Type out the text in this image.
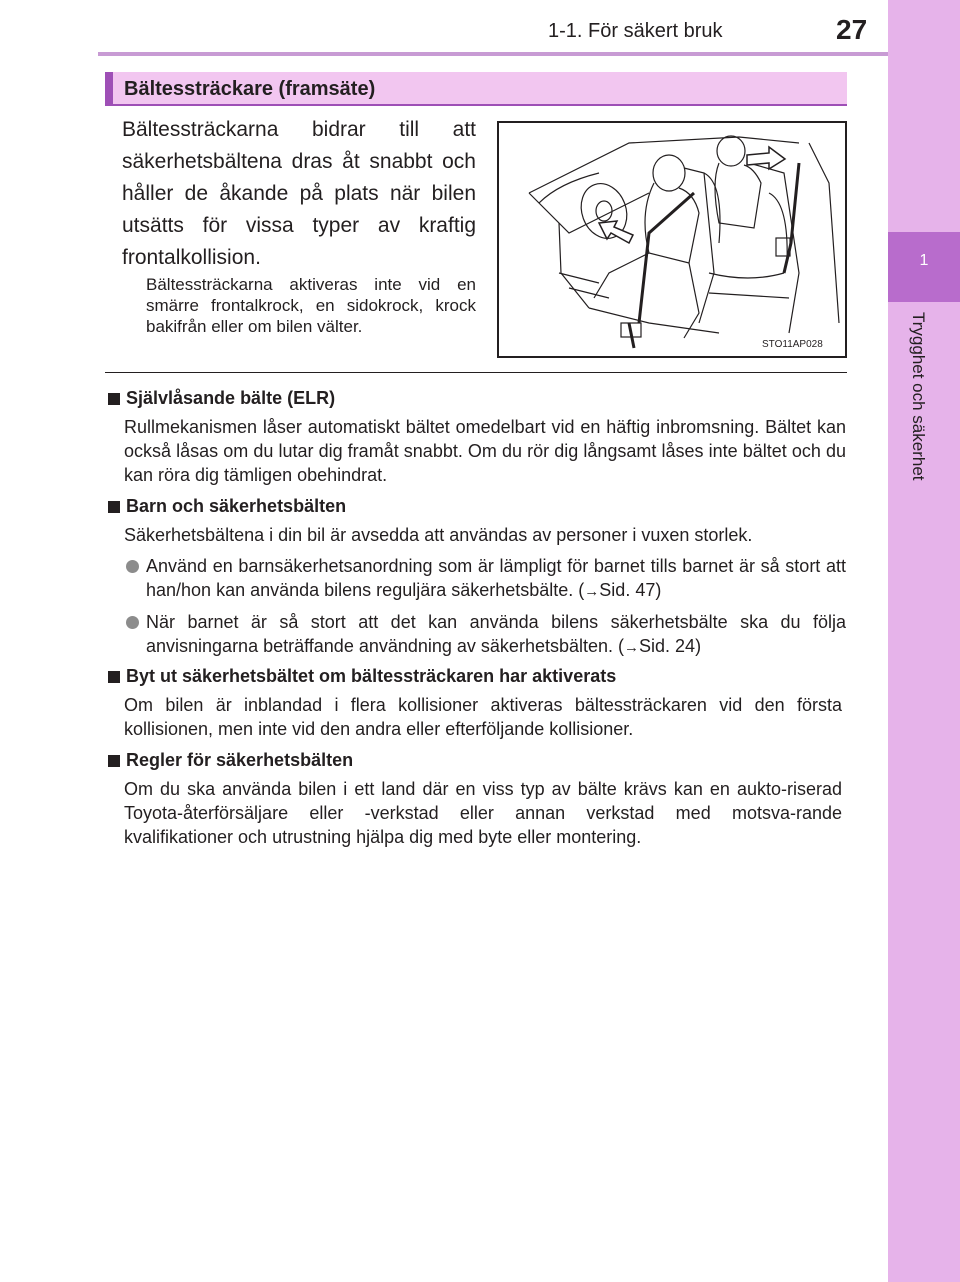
1-1. För säkert bruk	27
1
Trygghet och säkerhet
Bältessträckare (framsäte)
Bältessträckarna bidrar till att säkerhetsbältena dras åt snabbt och håller de åkande på plats när bilen utsätts för vissa typer av kraftig frontalkollision.
Bältessträckarna aktiveras inte vid en smärre frontalkrock, en sidokrock, krock bakifrån eller om bilen välter.
STO11AP028
Självlåsande bälte (ELR)
Rullmekanismen låser automatiskt bältet omedelbart vid en häftig inbromsning. Bältet kan också låsas om du lutar dig framåt snabbt. Om du rör dig långsamt låses inte bältet och du kan röra dig tämligen obehindrat.
Barn och säkerhetsbälten
Säkerhetsbältena i din bil är avsedda att användas av personer i vuxen storlek.
Använd en barnsäkerhetsanordning som är lämpligt för barnet tills barnet är så stort att han/hon kan använda bilens reguljära säkerhetsbälte. (→Sid. 47)
När barnet är så stort att det kan använda bilens säkerhetsbälte ska du följa anvisningarna beträffande användning av säkerhetsbälten. (→Sid. 24)
Byt ut säkerhetsbältet om bältessträckaren har aktiverats
Om bilen är inblandad i flera kollisioner aktiveras bältessträckaren vid den första kollisionen, men inte vid den andra eller efterföljande kollisioner.
Regler för säkerhetsbälten
Om du ska använda bilen i ett land där en viss typ av bälte krävs kan en aukto-riserad Toyota-återförsäljare eller -verkstad eller annan verkstad med motsva-rande kvalifikationer och utrustning hjälpa dig med byte eller montering.
